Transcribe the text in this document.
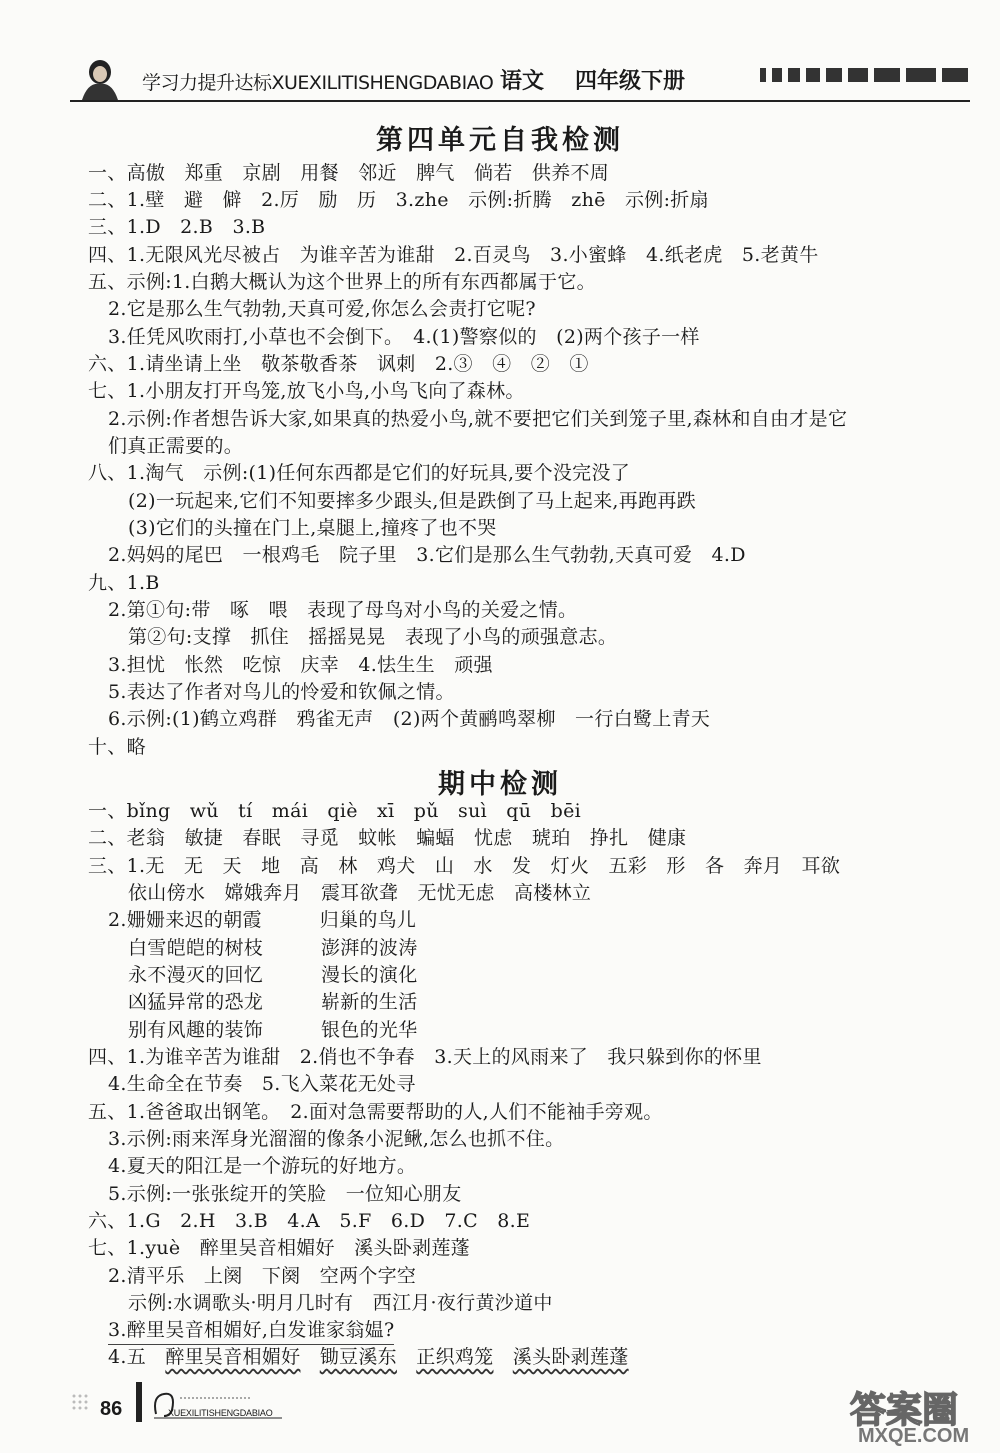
学习力提升达标XUEXILITISHENGDABIAO 语文 四年级下册
第四单元自我检测
一、高傲　郑重　京剧　用餐　邻近　脾气　倘若　供养不周
二、1.壁　避　僻　2.厉　励　历　3.zhe　示例:折腾　zhē　示例:折扇
三、1.D　2.B　3.B
四、1.无限风光尽被占　为谁辛苦为谁甜　2.百灵鸟　3.小蜜蜂　4.纸老虎　5.老黄牛
五、示例:1.白鹅大概认为这个世界上的所有东西都属于它。
2.它是那么生气勃勃,天真可爱,你怎么会责打它呢?
3.任凭风吹雨打,小草也不会倒下。　4.(1)警察似的　(2)两个孩子一样
六、1.请坐请上坐　敬茶敬香茶　讽刺　2.③　④　②　①
七、1.小朋友打开鸟笼,放飞小鸟,小鸟飞向了森林。
2.示例:作者想告诉大家,如果真的热爱小鸟,就不要把它们关到笼子里,森林和自由才是它
们真正需要的。
八、1.淘气　示例:(1)任何东西都是它们的好玩具,要个没完没了
(2)一玩起来,它们不知要摔多少跟头,但是跌倒了马上起来,再跑再跌
(3)它们的头撞在门上,桌腿上,撞疼了也不哭
2.妈妈的尾巴　一根鸡毛　院子里　3.它们是那么生气勃勃,天真可爱　4.D
九、1.B
2.第①句:带　啄　喂　表现了母鸟对小鸟的关爱之情。
第②句:支撑　抓住　摇摇晃晃　表现了小鸟的顽强意志。
3.担忧　怅然　吃惊　庆幸　4.怯生生　顽强
5.表达了作者对鸟儿的怜爱和钦佩之情。
6.示例:(1)鹤立鸡群　鸦雀无声　(2)两个黄鹂鸣翠柳　一行白鹭上青天
十、略
期中检测
一、bǐng　wǔ　tí　mái　qiè　xī　pǔ　suì　qū　bēi
二、老翁　敏捷　春眠　寻觅　蚊帐　蝙蝠　忧虑　琥珀　挣扎　健康
三、1.无　无　天　地　高　林　鸡犬　山　水　发　灯火　五彩　形　各　奔月　耳欲
依山傍水　嫦娥奔月　震耳欲聋　无忧无虑　高楼林立
2.姗姗来迟的朝霞　　　归巢的鸟儿
白雪皑皑的树枝　　　澎湃的波涛
永不漫灭的回忆　　　漫长的演化
凶猛异常的恐龙　　　崭新的生活
别有风趣的装饰　　　银色的光华
四、1.为谁辛苦为谁甜　2.俏也不争春　3.天上的风雨来了　我只躲到你的怀里
4.生命全在节奏　5.飞入菜花无处寻
五、1.爸爸取出钢笔。　2.面对急需要帮助的人,人们不能袖手旁观。
3.示例:雨来浑身光溜溜的像条小泥鳅,怎么也抓不住。
4.夏天的阳江是一个游玩的好地方。
5.示例:一张张绽开的笑脸　一位知心朋友
六、1.G　2.H　3.B　4.A　5.F　6.D　7.C　8.E
七、1.yuè　醉里吴音相媚好　溪头卧剥莲蓬
2.清平乐　上阕　下阕　空两个字空
示例:水调歌头·明月几时有　西江月·夜行黄沙道中
3.醉里吴音相媚好,白发谁家翁媪?
4.五　醉里吴音相媚好　 锄豆溪东　 正织鸡笼　 溪头卧剥莲蓬
86	XUEXILITISHENGDABIAO	答案圈
MXQE.COM
